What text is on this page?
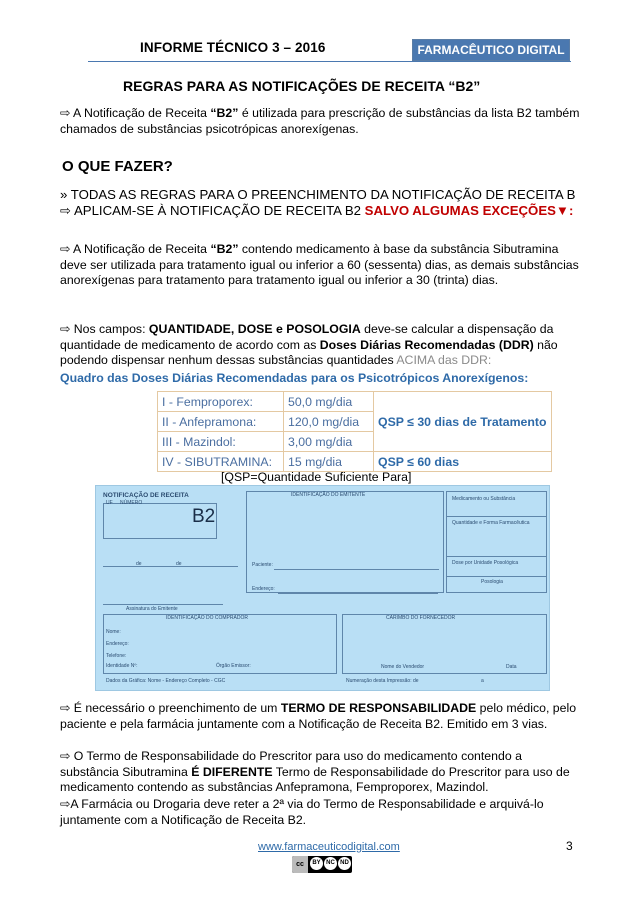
INFORME TÉCNICO 3 – 2016	FARMACÊUTICO DIGITAL
REGRAS PARA AS NOTIFICAÇÕES DE RECEITA “B2”
⇨ A Notificação de Receita “B2” é utilizada para prescrição de substâncias da lista B2 também chamados de substâncias psicotrópicas anorexígenas.
O QUE FAZER?
» TODAS AS REGRAS PARA O PREENCHIMENTO DA NOTIFICAÇÃO DE RECEITA B ⇨ APLICAM-SE À NOTIFICAÇÃO DE RECEITA B2 SALVO ALGUMAS EXCEÇÕES▼:
⇨ A Notificação de Receita “B2” contendo medicamento à base da substância Sibutramina deve ser utilizada para tratamento igual ou inferior a 60 (sessenta) dias, as demais substâncias anorexígenas para tratamento para tratamento igual ou inferior a 30 (trinta) dias.
⇨ Nos campos: QUANTIDADE, DOSE e POSOLOGIA deve-se calcular a dispensação da quantidade de medicamento de acordo com as Doses Diárias Recomendadas (DDR) não podendo dispensar nenhum dessas substâncias quantidades ACIMA das DDR:
Quadro das Doses Diárias Recomendadas para os Psicotrópicos Anorexígenos:
I - Femproporex:	50,0 mg/dia	QSP ≤ 30 dias de Tratamento
II - Anfepramona:	120,0 mg/dia	
III - Mazindol:	3,00 mg/dia	
IV - SIBUTRAMINA:	15 mg/dia	QSP ≤ 60 dias
[QSP=Quantidade Suficiente Para]
NOTIFICAÇÃO DE RECEITA
UF NÚMERO
B2
IDENTIFICAÇÃO DO EMITENTE
Medicamento ou Substância
Quantidade e Forma Farmacêutica
Dose por Unidade Posológica
Posologia
de	de	Paciente:
Endereço:
Assinatura do Emitente
IDENTIFICAÇÃO DO COMPRADOR
Nome:
Endereço:
Telefone:
Identidade Nº:	Órgão Emissor:
CARIMBO DO FORNECEDOR
Nome do Vendedor	Data
Dados da Gráfica: Nome - Endereço Completo - CGC	Numeração desta Impressão: de	a
⇨ É necessário o preenchimento de um TERMO DE RESPONSABILIDADE pelo médico, pelo paciente e pela farmácia juntamente com a Notificação de Receita B2. Emitido em 3 vias.
⇨ O Termo de Responsabilidade do Prescritor para uso do medicamento contendo a substância Sibutramina É DIFERENTE Termo de Responsabilidade do Prescritor para uso de medicamento contendo as substâncias Anfepramona, Femproporex, Mazindol.
⇨A Farmácia ou Drogaria deve reter a 2ª via do Termo de Responsabilidade e arquivá-lo juntamente com a Notificação de Receita B2.
www.farmaceuticodigital.com	3
cc	BY NC ND
